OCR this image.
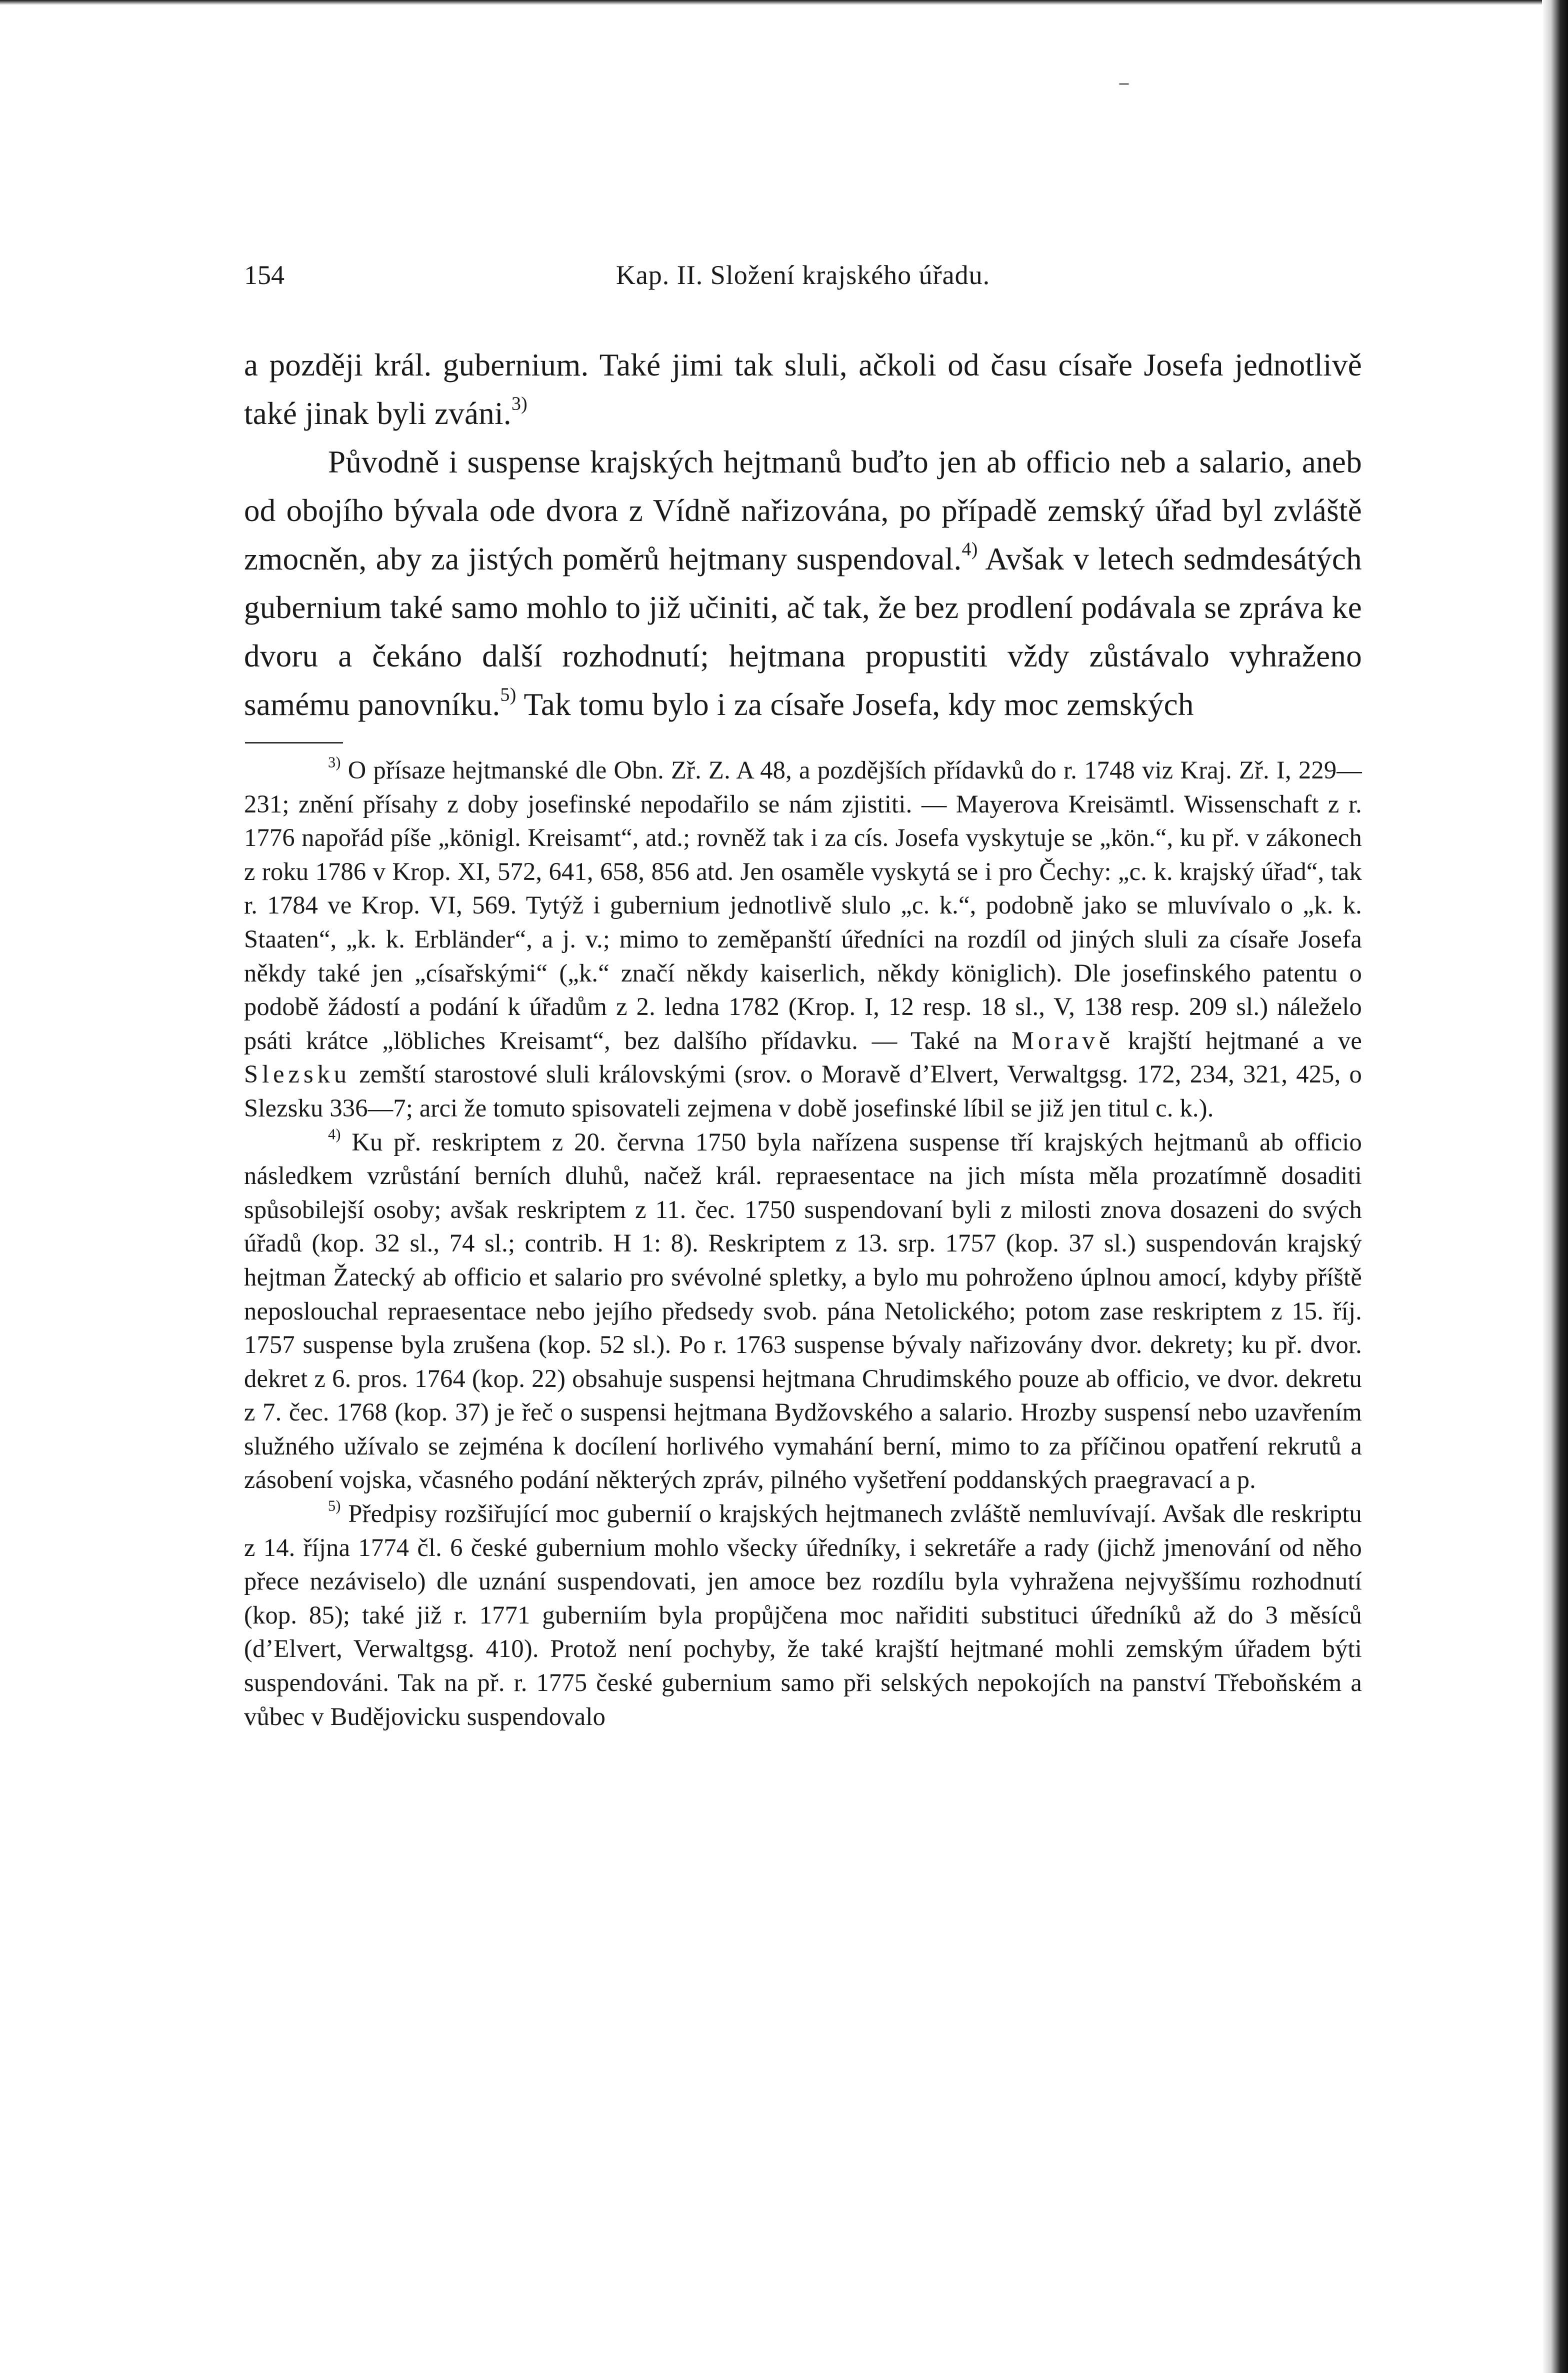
154	Kap. II. Složení krajského úřadu.

a později král. gubernium. Také jimi tak sluli, ačkoli od času císaře Josefa jednotlivě také jinak byli zváni.$^{3)}$

Původně i suspense krajských hejtmanů buďto jen ab officio neb a salario, aneb od obojího bývala ode dvora z Vídně nařizována, po případě zemský úřad byl zvláště zmocněn, aby za jistých poměrů hejtmany suspendoval.$^{4)}$ Avšak v letech sedmdesátých gubernium také samo mohlo to již učiniti, ač tak, že bez prodlení podávala se zpráva ke dvoru a čekáno další rozhodnutí; hejtmana propustiti vždy zůstávalo vyhraženo samému panovníku.$^{5)}$ Tak tomu bylo i za císaře Josefa, kdy moc zemských

$^{3)}$ O přísaze hejtmanské dle Obn. Zř. Z. A 48, a pozdějších přídavků do r. 1748 viz Kraj. Zř. I, 229—231; znění přísahy z doby josefinské nepodařilo se nám zjistiti. — Mayerova Kreisämtl. Wissenschaft z r. 1776 napořád píše „königl. Kreisamt“, atd.; rovněž tak i za cís. Josefa vyskytuje se „kön.“, ku př. v zákonech z roku 1786 v Krop. XI, 572, 641, 658, 856 atd. Jen osaměle vyskytá se i pro Čechy: „c. k. krajský úřad“, tak r. 1784 ve Krop. VI, 569. Tytýž i gubernium jednotlivě slulo „c. k.“, podobně jako se mluvívalo o „k. k. Staaten“, „k. k. Erbländer“, a j. v.; mimo to zeměpanští úředníci na rozdíl od jiných sluli za císaře Josefa někdy také jen „císařskými“ („k.“ značí někdy kaiserlich, někdy königlich). Dle josefinského patentu o podobě žádostí a podání k úřadům z 2. ledna 1782 (Krop. I, 12 resp. 18 sl., V, 138 resp. 209 sl.) náleželo psáti krátce „löbliches Kreisamt“, bez dalšího přídavku. — Také na Moravě krajští hejtmané a ve Slezsku zemští starostové sluli královskými (srov. o Moravě d’Elvert, Verwaltgsg. 172, 234, 321, 425, o Slezsku 336—7; arci že tomuto spisovateli zejmena v době josefinské líbil se již jen titul c. k.).

$^{4)}$ Ku př. reskriptem z 20. června 1750 byla nařízena suspense tří krajských hejtmanů ab officio následkem vzrůstání berních dluhů, načež král. repraesentace na jich místa měla prozatímně dosaditi spůsobilejší osoby; avšak reskriptem z 11. čec. 1750 suspendovaní byli z milosti znova dosazeni do svých úřadů (kop. 32 sl., 74 sl.; contrib. H 1: 8). Reskriptem z 13. srp. 1757 (kop. 37 sl.) suspendován krajský hejtman Žatecký ab officio et salario pro svévolné spletky, a bylo mu pohroženo úplnou amocí, kdyby příště neposlouchal repraesentace nebo jejího předsedy svob. pána Netolického; potom zase reskriptem z 15. říj. 1757 suspense byla zrušena (kop. 52 sl.). Po r. 1763 suspense bývaly nařizovány dvor. dekrety; ku př. dvor. dekret z 6. pros. 1764 (kop. 22) obsahuje suspensi hejtmana Chrudimského pouze ab officio, ve dvor. dekretu z 7. čec. 1768 (kop. 37) je řeč o suspensi hejtmana Bydžovského a salario. Hrozby suspensí nebo uzavřením služného užívalo se zejména k docílení horlivého vymahání berní, mimo to za příčinou opatření rekrutů a zásobení vojska, včasného podání některých zpráv, pilného vyšetření poddanských praegravací a p.

$^{5)}$ Předpisy rozšiřující moc gubernií o krajských hejtmanech zvláště nemluvívají. Avšak dle reskriptu z 14. října 1774 čl. 6 české gubernium mohlo všecky úředníky, i sekretáře a rady (jichž jmenování od něho přece nezáviselo) dle uznání suspendovati, jen amoce bez rozdílu byla vyhražena nejvyššímu rozhodnutí (kop. 85); také již r. 1771 guberniím byla propůjčena moc nařiditi substituci úředníků až do 3 měsíců (d’Elvert, Verwaltgsg. 410). Protož není pochyby, že také krajští hejtmané mohli zemským úřadem býti suspendováni. Tak na př. r. 1775 české gubernium samo při selských nepokojích na panství Třeboňském a vůbec v Budějovicku suspendovalo
